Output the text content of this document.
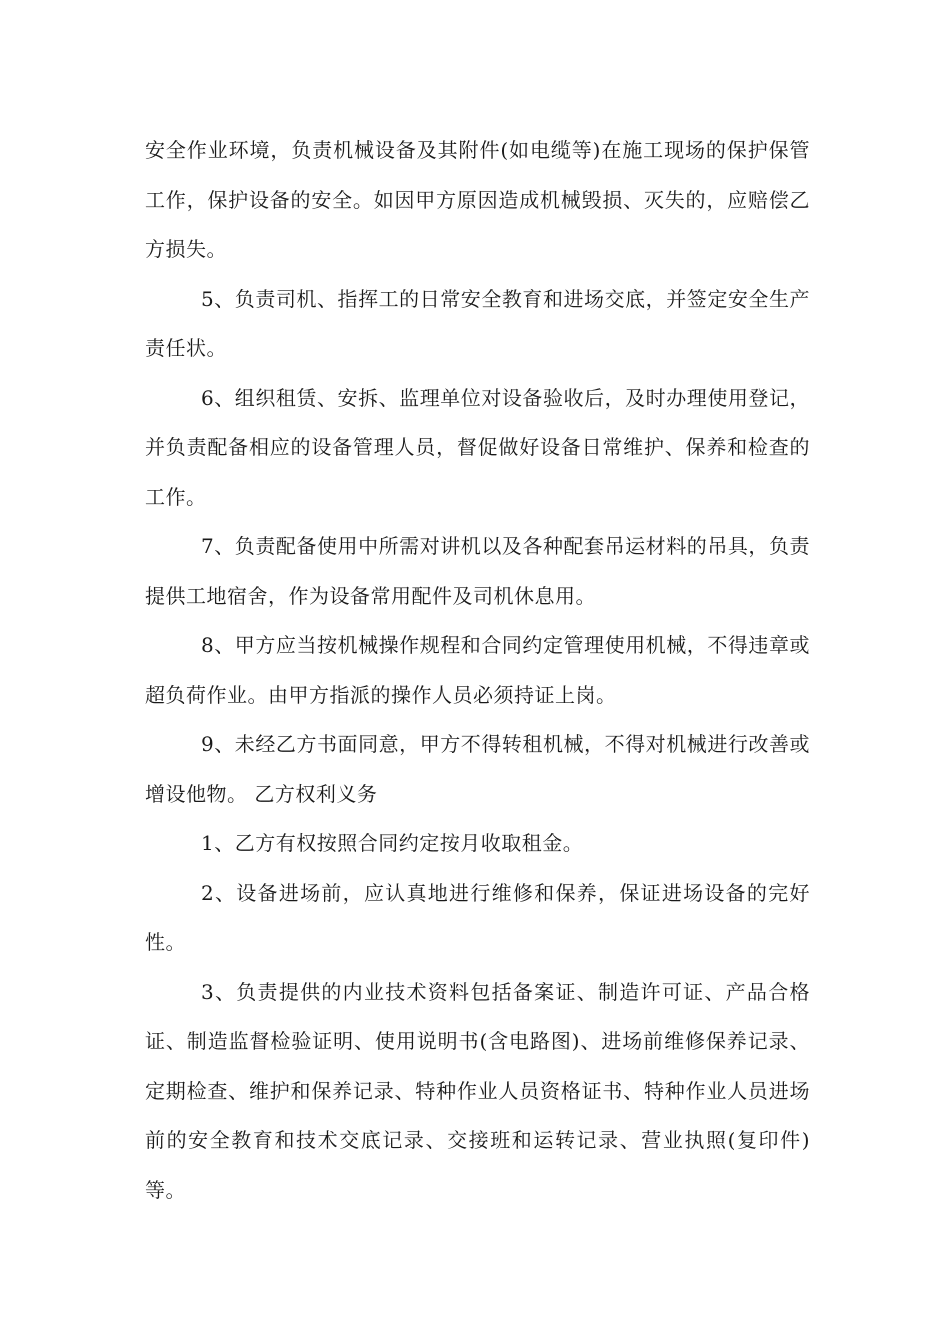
安全作业环境，负责机械设备及其附件(如电缆等)在施工现场的保护保管工作，保护设备的安全。如因甲方原因造成机械毁损、灭失的，应赔偿乙方损失。

5、负责司机、指挥工的日常安全教育和进场交底，并签定安全生产责任状。

6、组织租赁、安拆、监理单位对设备验收后，及时办理使用登记，并负责配备相应的设备管理人员，督促做好设备日常维护、保养和检查的工作。

7、负责配备使用中所需对讲机以及各种配套吊运材料的吊具，负责提供工地宿舍，作为设备常用配件及司机休息用。

8、甲方应当按机械操作规程和合同约定管理使用机械，不得违章或超负荷作业。由甲方指派的操作人员必须持证上岗。

9、未经乙方书面同意，甲方不得转租机械，不得对机械进行改善或增设他物。 乙方权利义务

1、乙方有权按照合同约定按月收取租金。

2、设备进场前，应认真地进行维修和保养，保证进场设备的完好性。

3、负责提供的内业技术资料包括备案证、制造许可证、产品合格证、制造监督检验证明、使用说明书(含电路图)、进场前维修保养记录、定期检查、维护和保养记录、特种作业人员资格证书、特种作业人员进场前的安全教育和技术交底记录、交接班和运转记录、营业执照(复印件)等。
